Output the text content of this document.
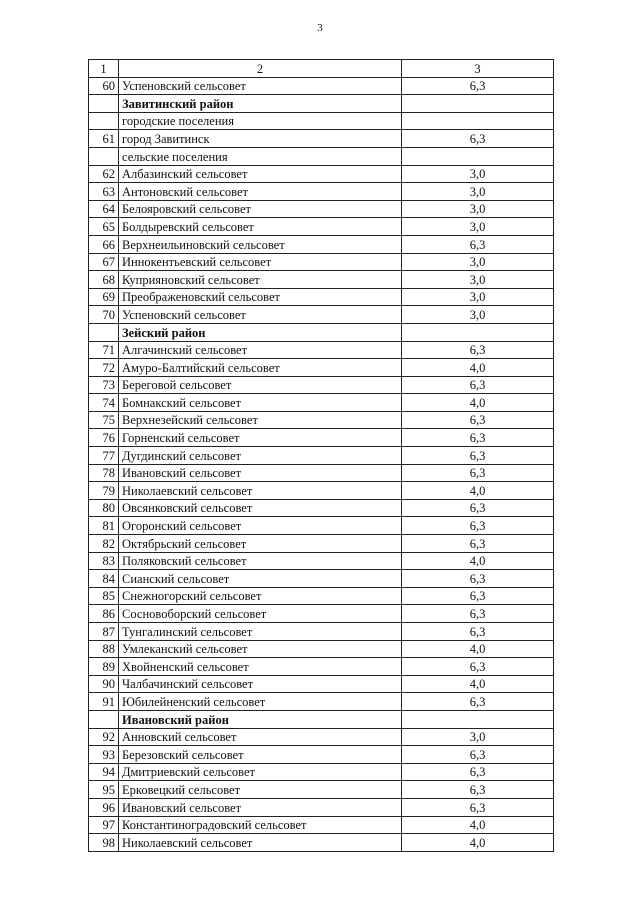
3
1	2	3
60	Успеновский сельсовет	6,3
	Завитинский район	
	городские поселения	
61	город Завитинск	6,3
	сельские поселения	
62	Албазинский сельсовет	3,0
63	Антоновский сельсовет	3,0
64	Белояровский сельсовет	3,0
65	Болдыревский сельсовет	3,0
66	Верхнеильиновский сельсовет	6,3
67	Иннокентьевский сельсовет	3,0
68	Куприяновский сельсовет	3,0
69	Преображеновский сельсовет	3,0
70	Успеновский сельсовет	3,0
	Зейский район	
71	Алгачинский сельсовет	6,3
72	Амуро-Балтийский сельсовет	4,0
73	Береговой сельсовет	6,3
74	Бомнакский сельсовет	4,0
75	Верхнезейский сельсовет	6,3
76	Горненский сельсовет	6,3
77	Дугдинский сельсовет	6,3
78	Ивановский сельсовет	6,3
79	Николаевский сельсовет	4,0
80	Овсянковский сельсовет	6,3
81	Огоронский сельсовет	6,3
82	Октябрьский сельсовет	6,3
83	Поляковский сельсовет	4,0
84	Сианский сельсовет	6,3
85	Снежногорский сельсовет	6,3
86	Сосновоборский сельсовет	6,3
87	Тунгалинский сельсовет	6,3
88	Умлеканский сельсовет	4,0
89	Хвойненский сельсовет	6,3
90	Чалбачинский сельсовет	4,0
91	Юбилейненский сельсовет	6,3
	Ивановский район	
92	Анновский сельсовет	3,0
93	Березовский сельсовет	6,3
94	Дмитриевский сельсовет	6,3
95	Ерковецкий сельсовет	6,3
96	Ивановский сельсовет	6,3
97	Константиноградовский сельсовет	4,0
98	Николаевский сельсовет	4,0
